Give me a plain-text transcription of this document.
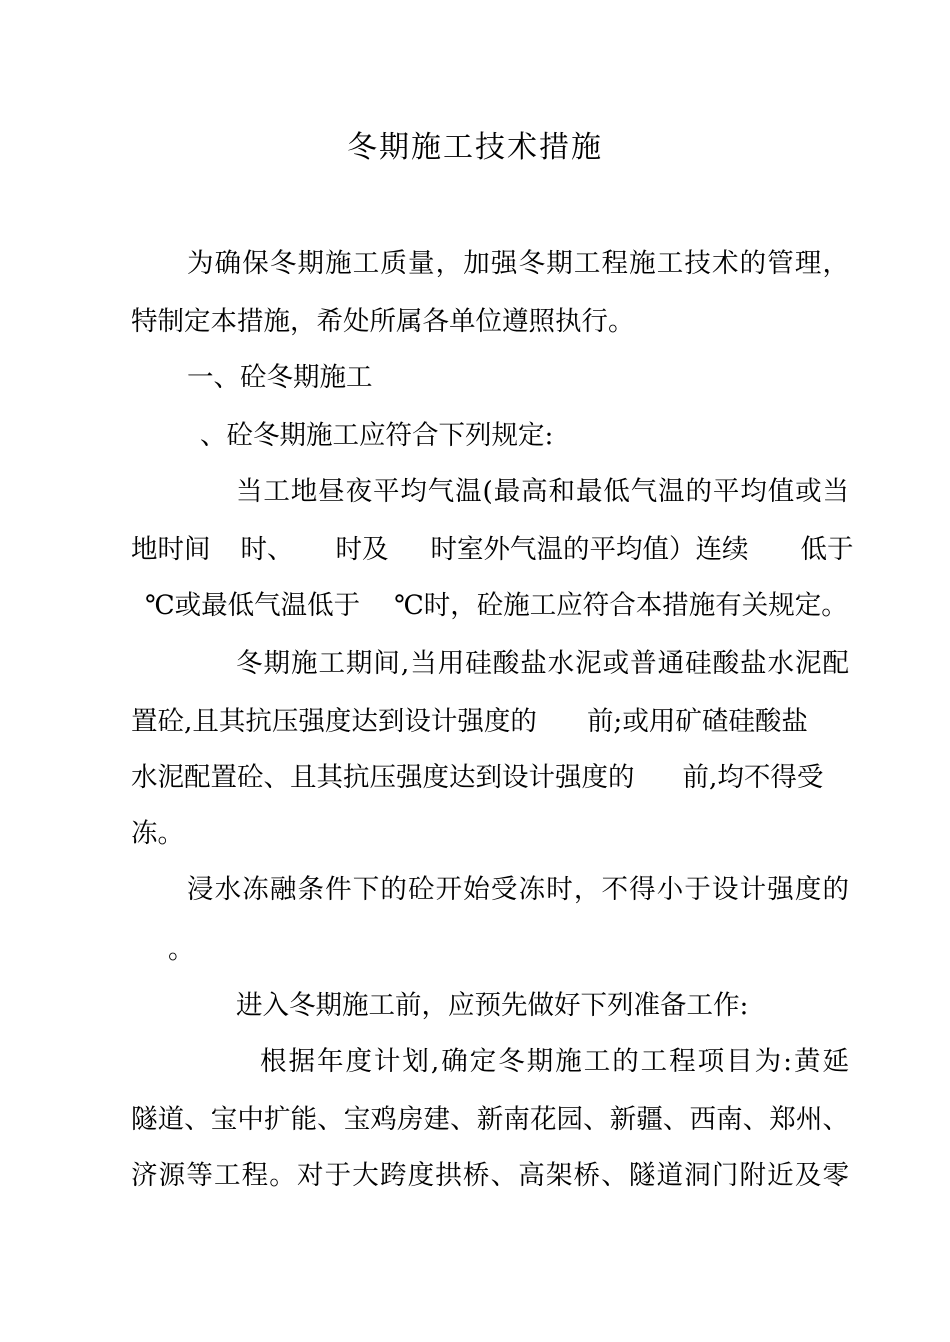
冬期施工技术措施
为确保冬期施工质量，加强冬期工程施工技术的管理，
特制定本措施，希处所属各单位遵照执行。
一、砼冬期施工
、砼冬期施工应符合下列规定:
当工地昼夜平均气温(最高和最低气温的平均值或当
地时间 时、 时及 时室外气温的平均值）连续 低于
℃或最低气温低于 ℃时，砼施工应符合本措施有关规定。
冬期施工期间,当用硅酸盐水泥或普通硅酸盐水泥配
置砼,且其抗压强度达到设计强度的 前;或用矿碴硅酸盐
水泥配置砼、且其抗压强度达到设计强度的 前,均不得受
冻。
浸水冻融条件下的砼开始受冻时，不得小于设计强度的
。
进入冬期施工前，应预先做好下列准备工作:
根据年度计划,确定冬期施工的工程项目为:黄延
隧道、宝中扩能、宝鸡房建、新南花园、新疆、西南、郑州、
济源等工程。对于大跨度拱桥、高架桥、隧道洞门附近及零
